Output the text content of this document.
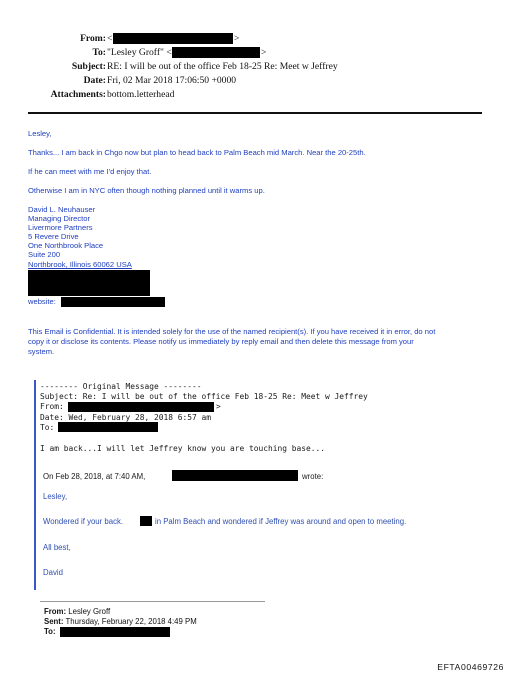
From: <	>
To: "Lesley Groff" <	>
Subject: RE: I will be out of the office Feb 18-25 Re: Meet w Jeffrey
Date: Fri, 02 Mar 2018 17:06:50 +0000
Attachments: bottom.letterhead
Lesley,
Thanks... I am back in Chgo now but plan to head back to Palm Beach mid March. Near the 20-25th.
If he can meet with me I'd enjoy that.
Otherwise I am in NYC often though nothing planned until it warms up.
David L. Neuhauser
Managing Director
Livermore Partners
5 Revere Drive
One Northbrook Place
Suite 200
Northbrook, Illinois 60062 USA
website:
This Email is Confidential. It is intended solely for the use of the named recipient(s). If you have received it in error, do not
copy it or disclose its contents. Please notify us immediately by reply email and then delete this message from your
system.
-------- Original Message --------
Subject: Re: I will be out of the office Feb 18-25 Re: Meet w Jeffrey
From:	>
Date: Wed, February 28, 2018 6:57 am
To:
I am back...I will let Jeffrey know you are touching base...
On Feb 28, 2018, at 7:40 AM,	wrote:
Lesley,
Wondered if your back.	in Palm Beach and wondered if Jeffrey was around and open to meeting.
All best,
David
From: Lesley Groff
Sent: Thursday, February 22, 2018 4:49 PM
To:
EFTA00469726
